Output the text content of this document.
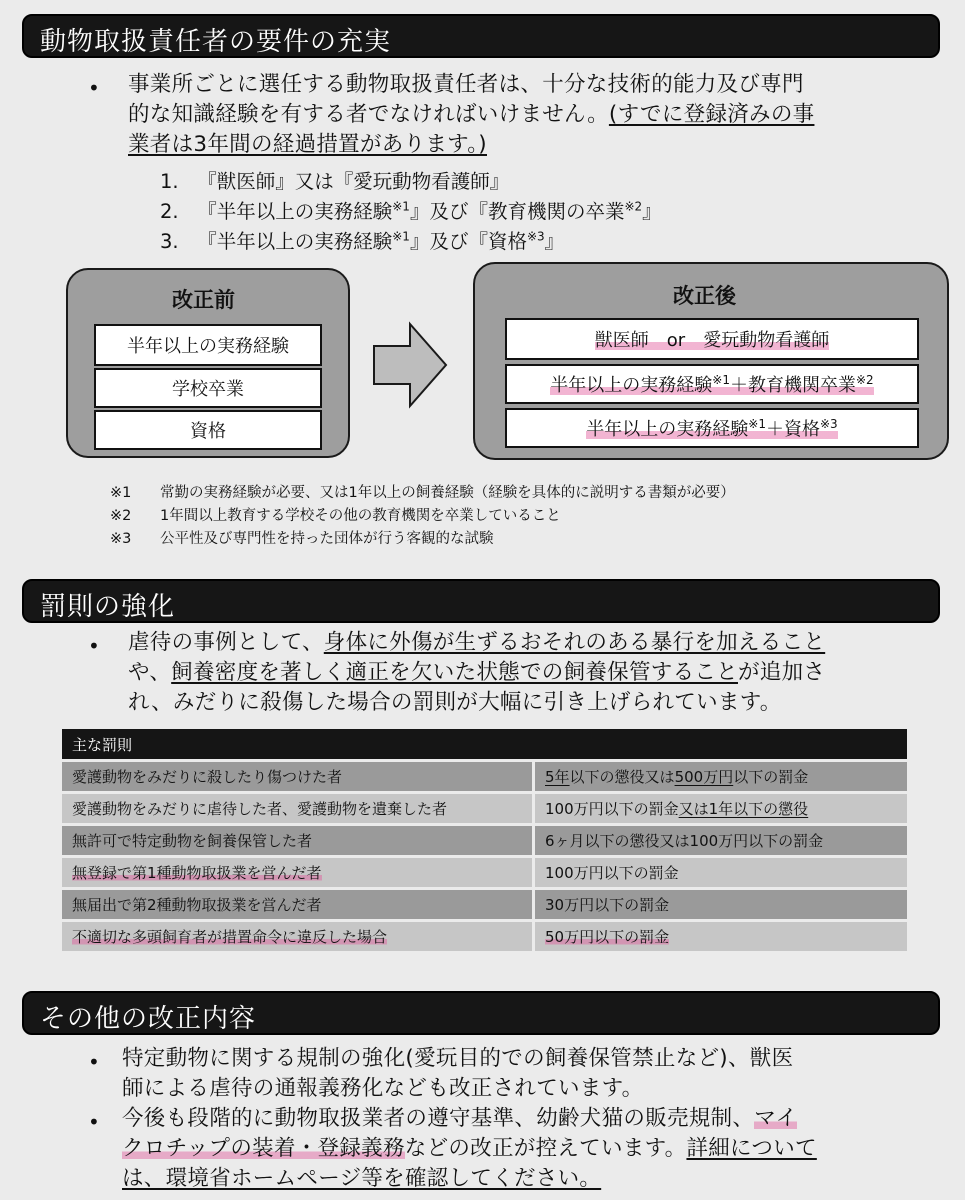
動物取扱責任者の要件の充実
• 事業所ごとに選任する動物取扱責任者は、十分な技術的能力及び専門
的な知識経験を有する者でなければいけません。(すでに登録済みの事
業者は3年間の経過措置があります。)
1. 『獣医師』又は『愛玩動物看護師』
2. 『半年以上の実務経験$^{※1}$』及び『教育機関の卒業$^{※2}$』
3. 『半年以上の実務経験$^{※1}$』及び『資格$^{※3}$』
改正前
半年以上の実務経験
学校卒業
資格
改正後
獣医師　or　愛玩動物看護師
半年以上の実務経験$^{※1}$＋教育機関卒業$^{※2}$
半年以上の実務経験$^{※1}$＋資格$^{※3}$
※1 常勤の実務経験が必要、又は1年以上の飼養経験（経験を具体的に説明する書類が必要）
※2 1年間以上教育する学校その他の教育機関を卒業していること
※3 公平性及び専門性を持った団体が行う客観的な試験
罰則の強化
• 虐待の事例として、身体に外傷が生ずるおそれのある暴行を加えること
や、飼養密度を著しく適正を欠いた状態での飼養保管することが追加さ
れ、みだりに殺傷した場合の罰則が大幅に引き上げられています。
主な罰則	
愛護動物をみだりに殺したり傷つけた者	5年以下の懲役又は500万円以下の罰金
愛護動物をみだりに虐待した者、愛護動物を遺棄した者	100万円以下の罰金又は1年以下の懲役
無許可で特定動物を飼養保管した者	6ヶ月以下の懲役又は100万円以下の罰金
無登録で第1種動物取扱業を営んだ者	100万円以下の罰金
無届出で第2種動物取扱業を営んだ者	30万円以下の罰金
不適切な多頭飼育者が措置命令に違反した場合	50万円以下の罰金
その他の改正内容
• 特定動物に関する規制の強化(愛玩目的での飼養保管禁止など)、獣医
師による虐待の通報義務化なども改正されています。
• 今後も段階的に動物取扱業者の遵守基準、幼齢犬猫の販売規制、マイ
クロチップの装着・登録義務などの改正が控えています。詳細について
は、環境省ホームページ等を確認してください。
